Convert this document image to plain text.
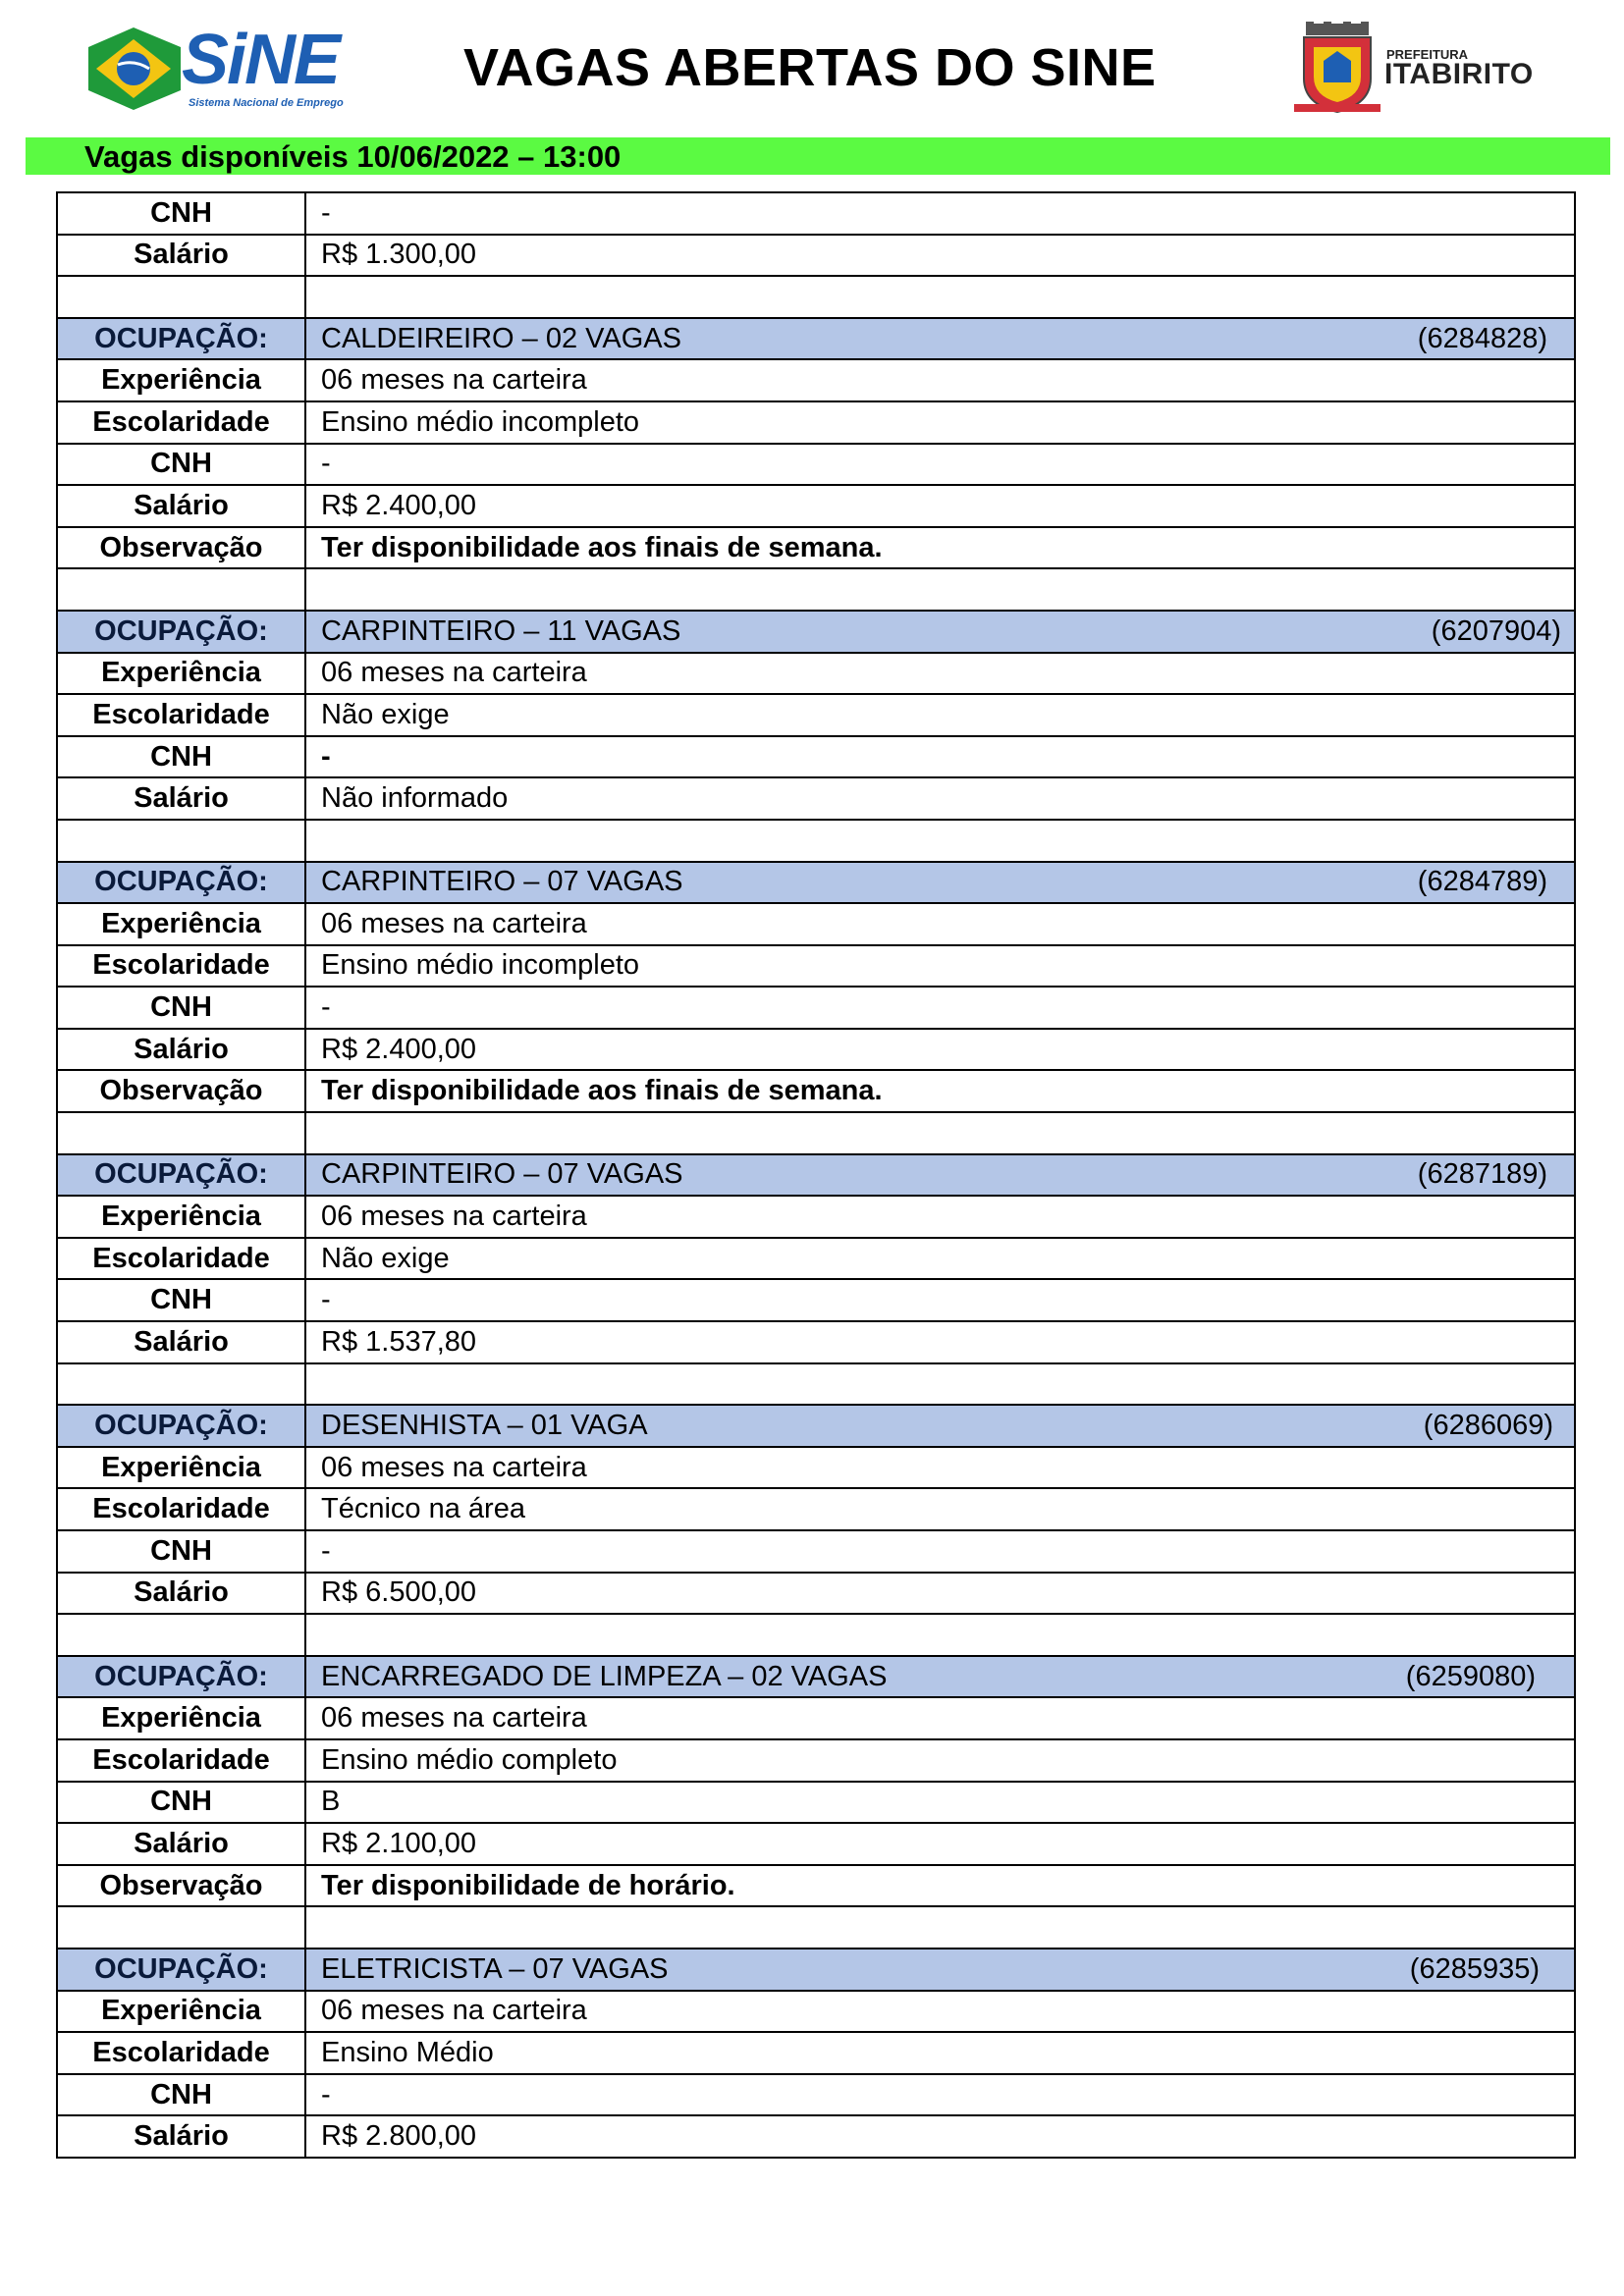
SiNE
Sistema Nacional de Emprego
VAGAS ABERTAS DO SINE	PREFEITURA
ITABIRITO
Vagas disponíveis 10/06/2022 – 13:00
CNH	-
Salário	R$ 1.300,00

OCUPAÇÃO:	CALDEIREIRO – 02 VAGAS (6284828)

Experiência	06 meses na carteira
Escolaridade	Ensino médio incompleto
CNH	-
Salário	R$ 2.400,00
Observação	Ter disponibilidade aos finais de semana.

OCUPAÇÃO:	CARPINTEIRO – 11 VAGAS (6207904)

Experiência	06 meses na carteira
Escolaridade	Não exige
CNH	-
Salário	Não informado

OCUPAÇÃO:	CARPINTEIRO – 07 VAGAS (6284789)

Experiência	06 meses na carteira
Escolaridade	Ensino médio incompleto
CNH	-
Salário	R$ 2.400,00
Observação	Ter disponibilidade aos finais de semana.

OCUPAÇÃO:	CARPINTEIRO – 07 VAGAS (6287189)

Experiência	06 meses na carteira
Escolaridade	Não exige
CNH	-
Salário	R$ 1.537,80

OCUPAÇÃO:	DESENHISTA – 01 VAGA (6286069)

Experiência	06 meses na carteira
Escolaridade	Técnico na área
CNH	-
Salário	R$ 6.500,00

OCUPAÇÃO:	ENCARREGADO DE LIMPEZA – 02 VAGAS (6259080)

Experiência	06 meses na carteira
Escolaridade	Ensino médio completo
CNH	B
Salário	R$ 2.100,00
Observação	Ter disponibilidade de horário.

OCUPAÇÃO:	ELETRICISTA – 07 VAGAS (6285935)

Experiência	06 meses na carteira
Escolaridade	Ensino Médio
CNH	-
Salário	R$ 2.800,00
